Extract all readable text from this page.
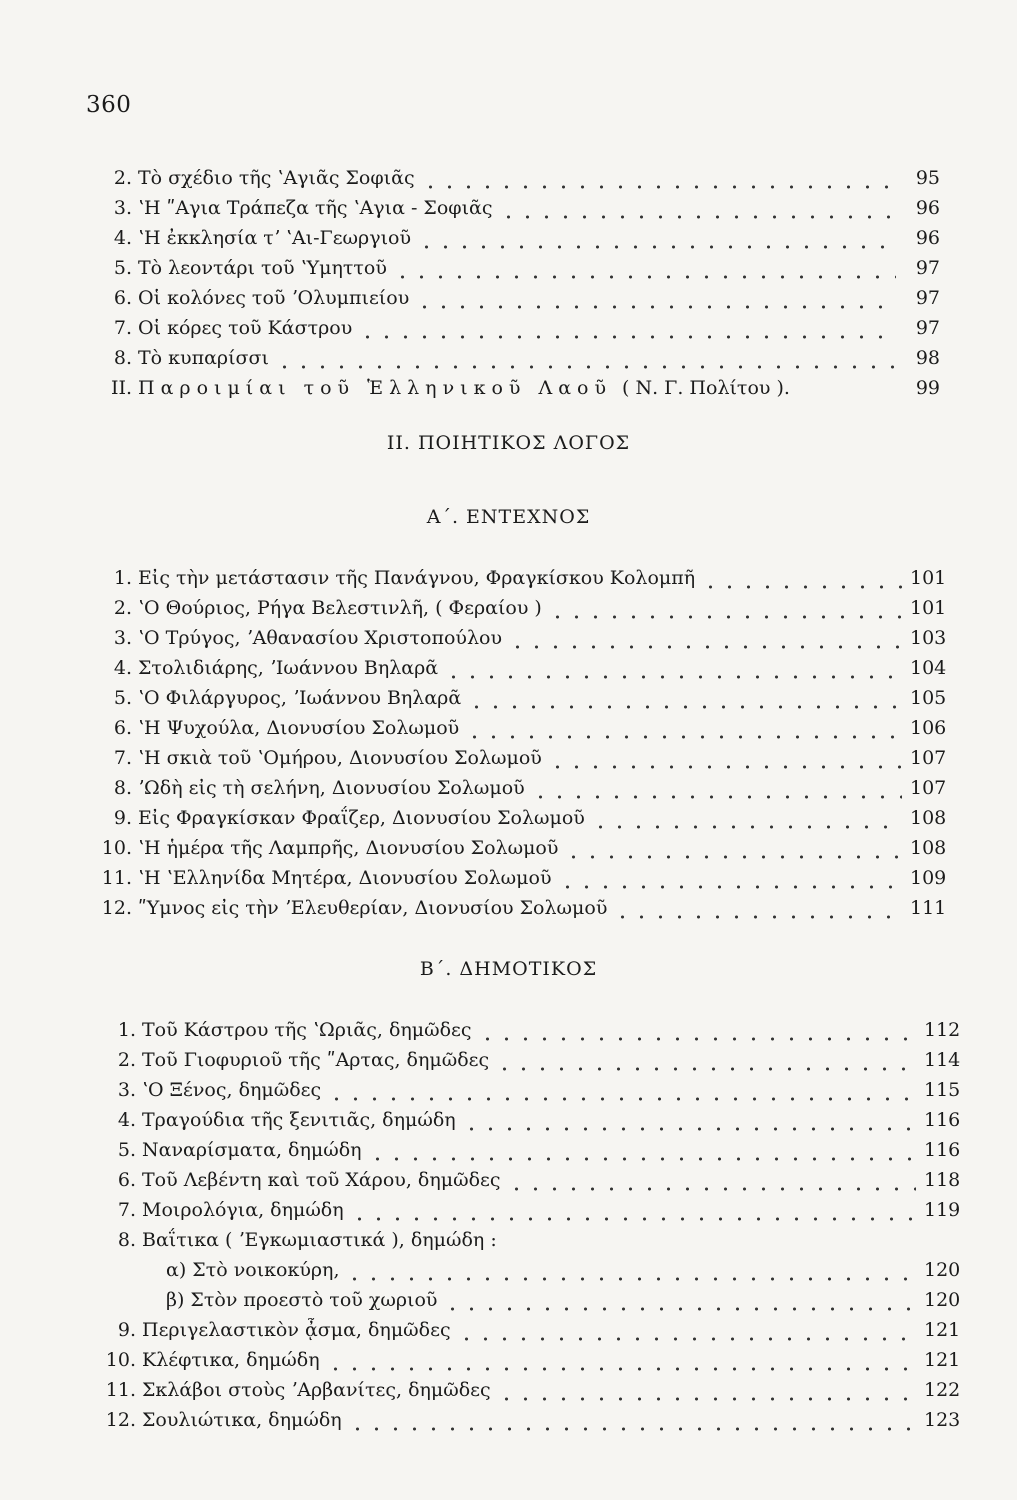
360
2. Τὸ σχέδιο τῆς ʽΑγιᾶς Σοφιᾶς	95
3. ʽΗ ʺΑγια Τράπεζα τῆς ʽΑγια - Σοφιᾶς	96
4. ʽΗ ἐκκλησία τʼ ʽΑι-Γεωργιοῦ	96
5. Τὸ λεοντάρι τοῦ ʽΥμηττοῦ	97
6. Οἱ κολόνες τοῦ ʼΟλυμπιείου	97
7. Οἱ κόρες τοῦ Κάστρου	97
8. Τὸ κυπαρίσσι	98
II. Παροιμίαι τοῦ Ἑλληνικοῦ Λαοῦ ( Ν. Γ. Πολίτου ).	99
ΙΙ. ΠΟΙΗΤΙΚΟΣ ΛΟΓΟΣ
Α΄. ΕΝΤΕΧΝΟΣ
1. Εἰς τὴν μετάστασιν τῆς Πανάγνου, Φραγκίσκου Κολομπῆ	101
2. ʽΟ Θούριος, Ρήγα Βελεστινλῆ, ( Φεραίου )	101
3. ʽΟ Τρύγος, ʼΑθανασίου Χριστοπούλου	103
4. Στολιδιάρης, ʼΙωάννου Βηλαρᾶ	104
5. ʽΟ Φιλάργυρος, ʼΙωάννου Βηλαρᾶ	105
6. ʽΗ Ψυχούλα, Διονυσίου Σολωμοῦ	106
7. ʽΗ σκιὰ τοῦ ʽΟμήρου, Διονυσίου Σολωμοῦ	107
8. ʼΩδὴ εἰς τὴ σελήνη, Διονυσίου Σολωμοῦ	107
9. Εἰς Φραγκίσκαν Φραΐζερ, Διονυσίου Σολωμοῦ	108
10. ʽΗ ἡμέρα τῆς Λαμπρῆς, Διονυσίου Σολωμοῦ	108
11. ʽΗ ʽΕλληνίδα Μητέρα, Διονυσίου Σολωμοῦ	109
12. ʺΥμνος εἰς τὴν ʼΕλευθερίαν, Διονυσίου Σολωμοῦ	111
Β΄. ΔΗΜΟΤΙΚΟΣ
1. Τοῦ Κάστρου τῆς ʽΩριᾶς, δημῶδες	112
2. Τοῦ Γιοφυριοῦ τῆς ʺΑρτας, δημῶδες	114
3. ʽΟ Ξένος, δημῶδες	115
4. Τραγούδια τῆς ξενιτιᾶς, δημώδη	116
5. Ναναρίσματα, δημώδη	116
6. Τοῦ Λεβέντη καὶ τοῦ Χάρου, δημῶδες	118
7. Μοιρολόγια, δημώδη	119
8. Βαΐτικα ( ʼΕγκωμιαστικά ), δημώδη :
α) Στὸ νοικοκύρη,	120
β) Στὸν προεστὸ τοῦ χωριοῦ	120
9. Περιγελαστικὸν ᾆσμα, δημῶδες	121
10. Κλέφτικα, δημώδη	121
11. Σκλάβοι στοὺς ʼΑρβανίτες, δημῶδες	122
12. Σουλιώτικα, δημώδη	123
